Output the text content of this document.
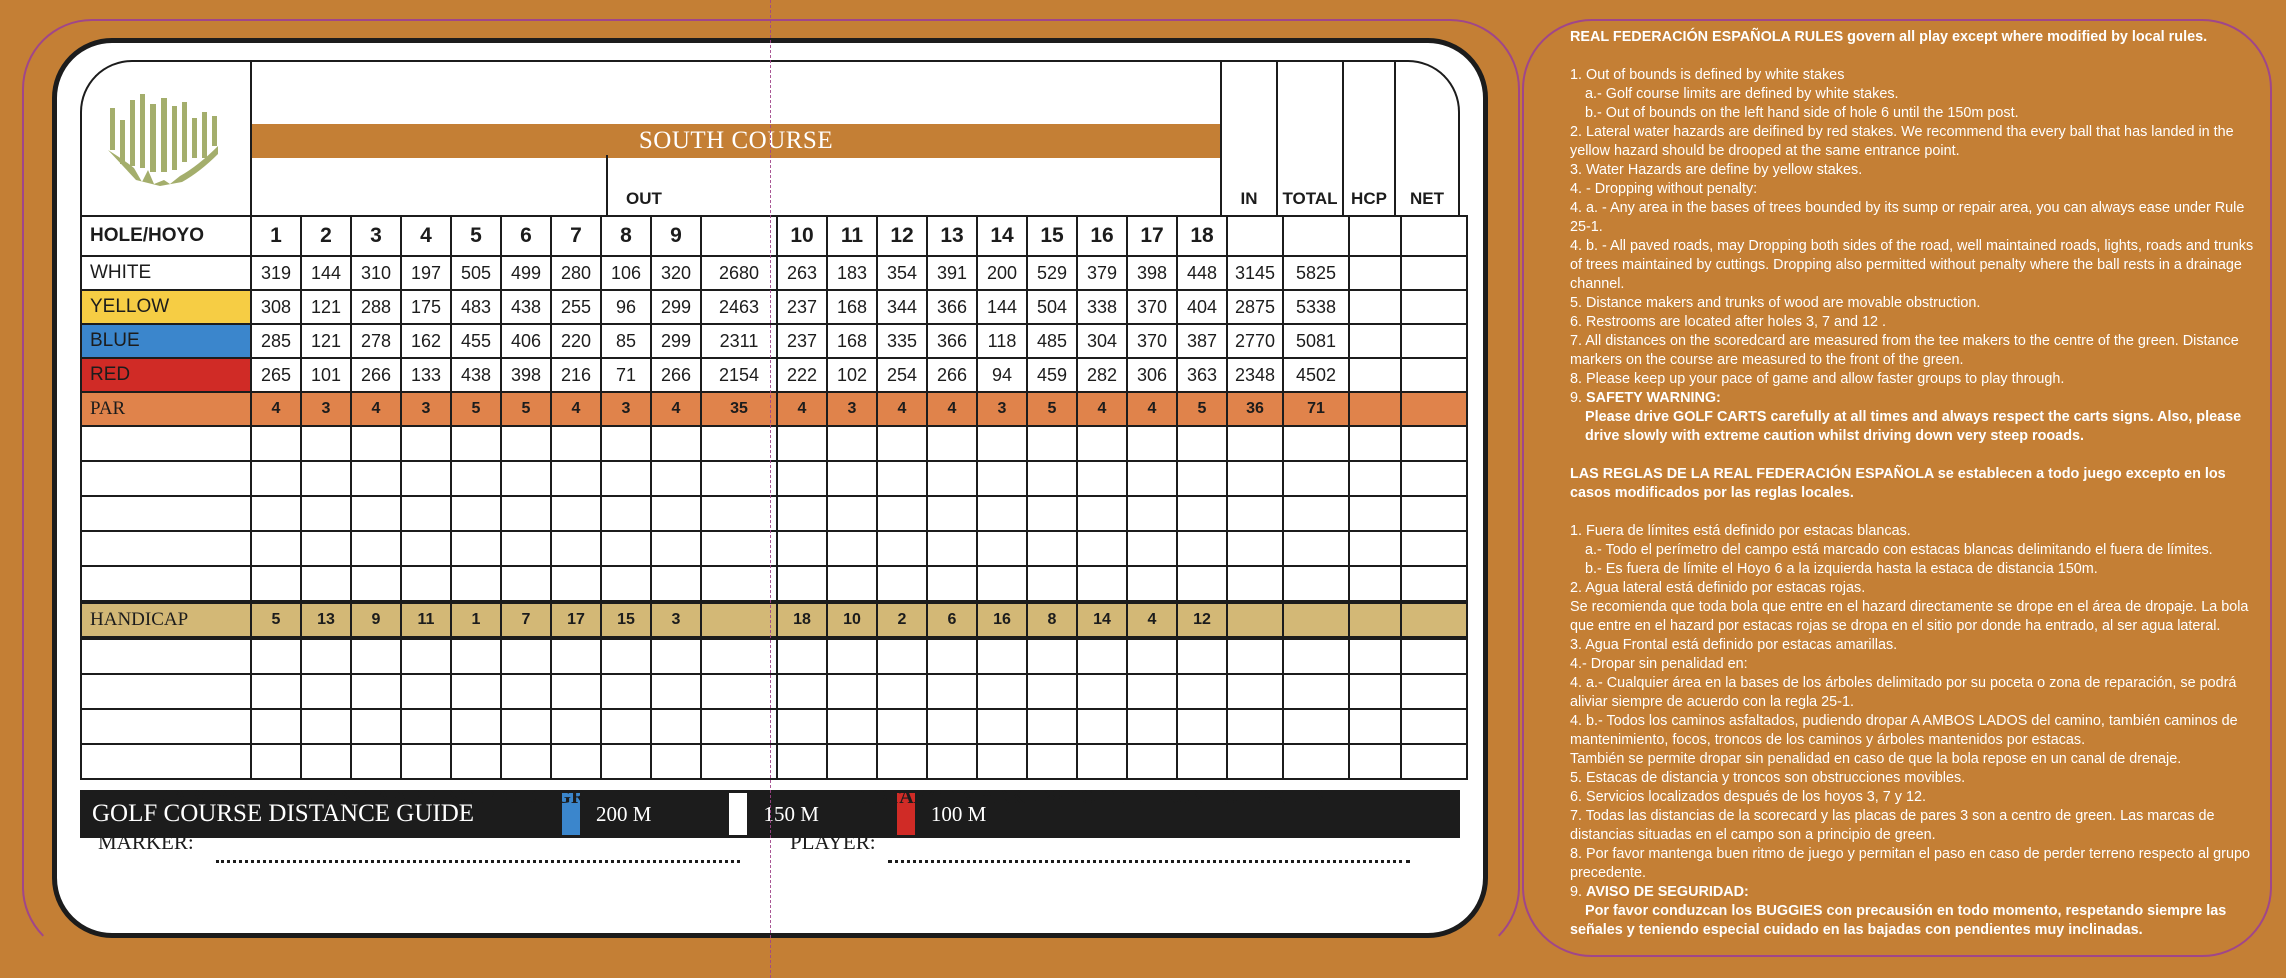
SOUTH COURSE
OUT	IN	TOTAL HCP	NET
HOLE/HOYO	1	2	3	4	5	6	7	8	9		10	11	12	13	14	15	16	17	18					
WHITE	319	144	310	197	505	499	280	106	320	2680	263	183	354	391	200	529	379	398	448	3145	5825			
YELLOW	308	121	288	175	483	438	255	96	299	2463	237	168	344	366	144	504	338	370	404	2875	5338			
BLUE	285	121	278	162	455	406	220	85	299	2311	237	168	335	366	118	485	304	370	387	2770	5081			
RED	265	101	266	133	438	398	216	71	266	2154	222	102	254	266	94	459	282	306	363	2348	4502			
PAR	4	3	4	3	5	5	4	3	4	35	4	3	4	4	3	5	4	4	5	36	71			

HANDICAP	5	13	9	11	1	7	17	15	3		18	10	2	6	16	8	14	4	12					

GOLF COURSE DISTANCE GUIDE	200 M	150 M	100 M
MARCAS DE DISTANCIA A PRINCIPIO DE GREEN	DISTANCE MARKERS TO THE FRONT OF GREEN
MARKER:	PLAYER:

REAL FEDERACIÓN ESPAÑOLA RULES govern all play except where modified by local rules.

1. Out of bounds is defined by white stakes

a.- Golf course limits are defined by white stakes.

b.- Out of bounds on the left hand side of hole 6 until the 150m post.

2. Lateral water hazards are deifined by red stakes. We recommend tha every ball that has landed in the yellow hazard should be drooped at the same entrance point.

3. Water Hazards are define by yellow stakes.

4. - Dropping without penalty:

4. a. - Any area in the bases of trees bounded by its sump or repair area, you can always ease under Rule 25-1.

4. b. - All paved roads, may Dropping both sides of the road, well maintained roads, lights, roads and trunks of trees maintained by cuttings. Dropping also permitted without penalty where the ball rests in a drainage channel.

5. Distance makers and trunks of wood are movable obstruction.

6. Restrooms are located after holes 3, 7 and 12 .

7. All distances on the scoredcard are measured from the tee makers to the centre of the green. Distance markers on the course are measured to the front of the green.

8. Please keep up your pace of game and allow faster groups to play through.

9. SAFETY WARNING:

Please drive GOLF CARTS carefully at all times and always respect the carts signs. Also, please drive slowly with extreme caution whilst driving down very steep rooads.

LAS REGLAS DE LA REAL FEDERACIÓN ESPAÑOLA se establecen a todo juego excepto en los casos modificados por las reglas locales.

1. Fuera de límites está definido por estacas blancas.

a.- Todo el perímetro del campo está marcado con estacas blancas delimitando el fuera de límites.

b.- Es fuera de límite el Hoyo 6 a la izquierda hasta la estaca de distancia 150m.

2. Agua lateral está definido por estacas rojas.

Se recomienda que toda bola que entre en el hazard directamente se drope en el área de dropaje. La bola que entre en el hazard por estacas rojas se dropa en el sitio por donde ha entrado, al ser agua lateral.

3. Agua Frontal está definido por estacas amarillas.

4.- Dropar sin penalidad en:

4. a.- Cualquier área en la bases de los árboles delimitado por su poceta o zona de reparación, se podrá aliviar siempre de acuerdo con la regla 25-1.

4. b.- Todos los caminos asfaltados, pudiendo dropar A AMBOS LADOS del camino, también caminos de mantenimiento, focos, troncos de los caminos y árboles mantenidos por estacas.

También se permite dropar sin penalidad en caso de que la bola repose en un canal de drenaje.

5. Estacas de distancia y troncos son obstrucciones movibles.

6. Servicios localizados después de los hoyos 3, 7 y 12.

7. Todas las distancias de la scorecard y las placas de pares 3 son a centro de green. Las marcas de distancias situadas en el campo son a principio de green.

8. Por favor mantenga buen ritmo de juego y permitan el paso en caso de perder terreno respecto al grupo precedente.

9. AVISO DE SEGURIDAD:

Por favor conduzcan los BUGGIES con precausión en todo momento, respetando siempre las señales y teniendo especial cuidado en las bajadas con pendientes muy inclinadas.
